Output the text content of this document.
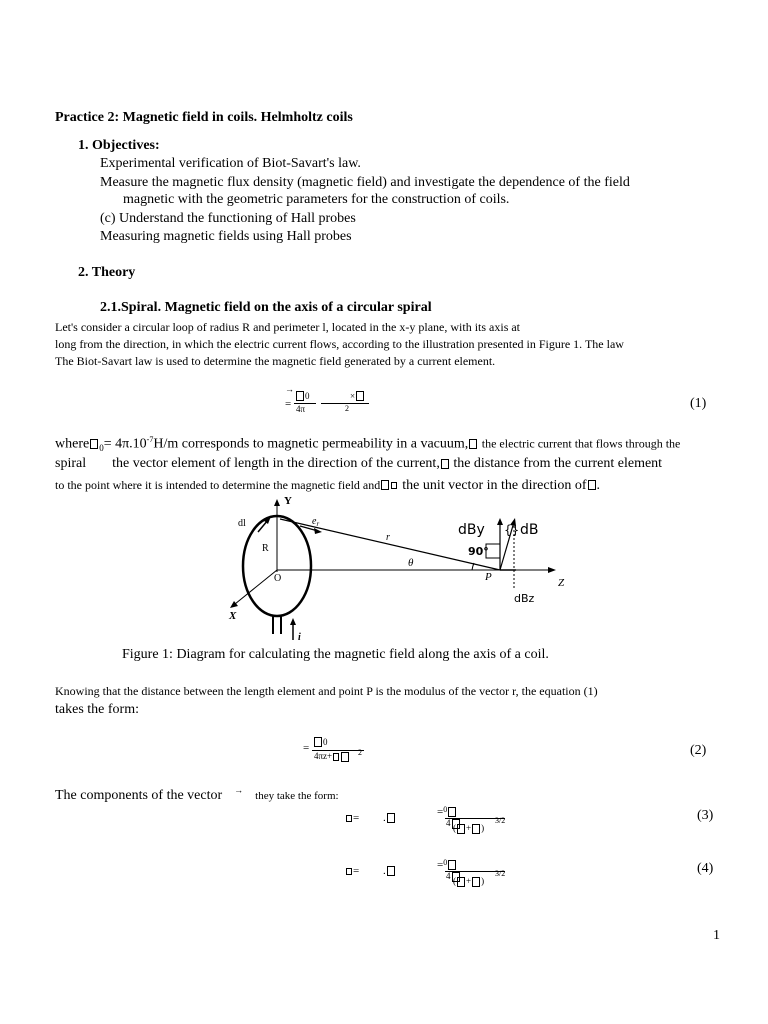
Practice 2: Magnetic field in coils. Helmholtz coils
1. Objectives:
Experimental verification of Biot-Savart's law.
Measure the magnetic flux density (magnetic field) and investigate the dependence of the field
magnetic with the geometric parameters for the construction of coils.
(c) Understand the functioning of Hall probes
Measuring magnetic fields using Hall probes
2. Theory
2.1.Spiral. Magnetic field on the axis of a circular spiral
Let's consider a circular loop of radius R and perimeter l, located in the x-y plane, with its axis at
long from the direction, in which the electric current flows, according to the illustration presented in Figure 1. The law
The Biot-Savart law is used to determine the magnetic field generated by a current element.
→
=
0
4π
×
2	(1)
where $_0= 4\pi.10^{-7}H/m$ corresponds to magnetic permeability in a vacuum, the electric current that flows through the
spiral the vector element of length in the direction of the current, the distance from the current element
to the point where it is intended to determine the magnetic field and the unit vector in the direction of .
{}
dl
Y
R
O
X
i
$e_r$
r
θ
P	Z
dBy	dB
90°
dBz
Figure 1: Diagram for calculating the magnetic field along the axis of a coil.
Knowing that the distance between the length element and point P is the modulus of the vector r, the equation (1)
takes the form:
=	0
4πz+	2	(2)
The components of the vector → they take the form:
= .	=$^0$
4 ( + )
3/2	(3)
= .	=$^0$
4 ( + )
3/2	(4)
1
